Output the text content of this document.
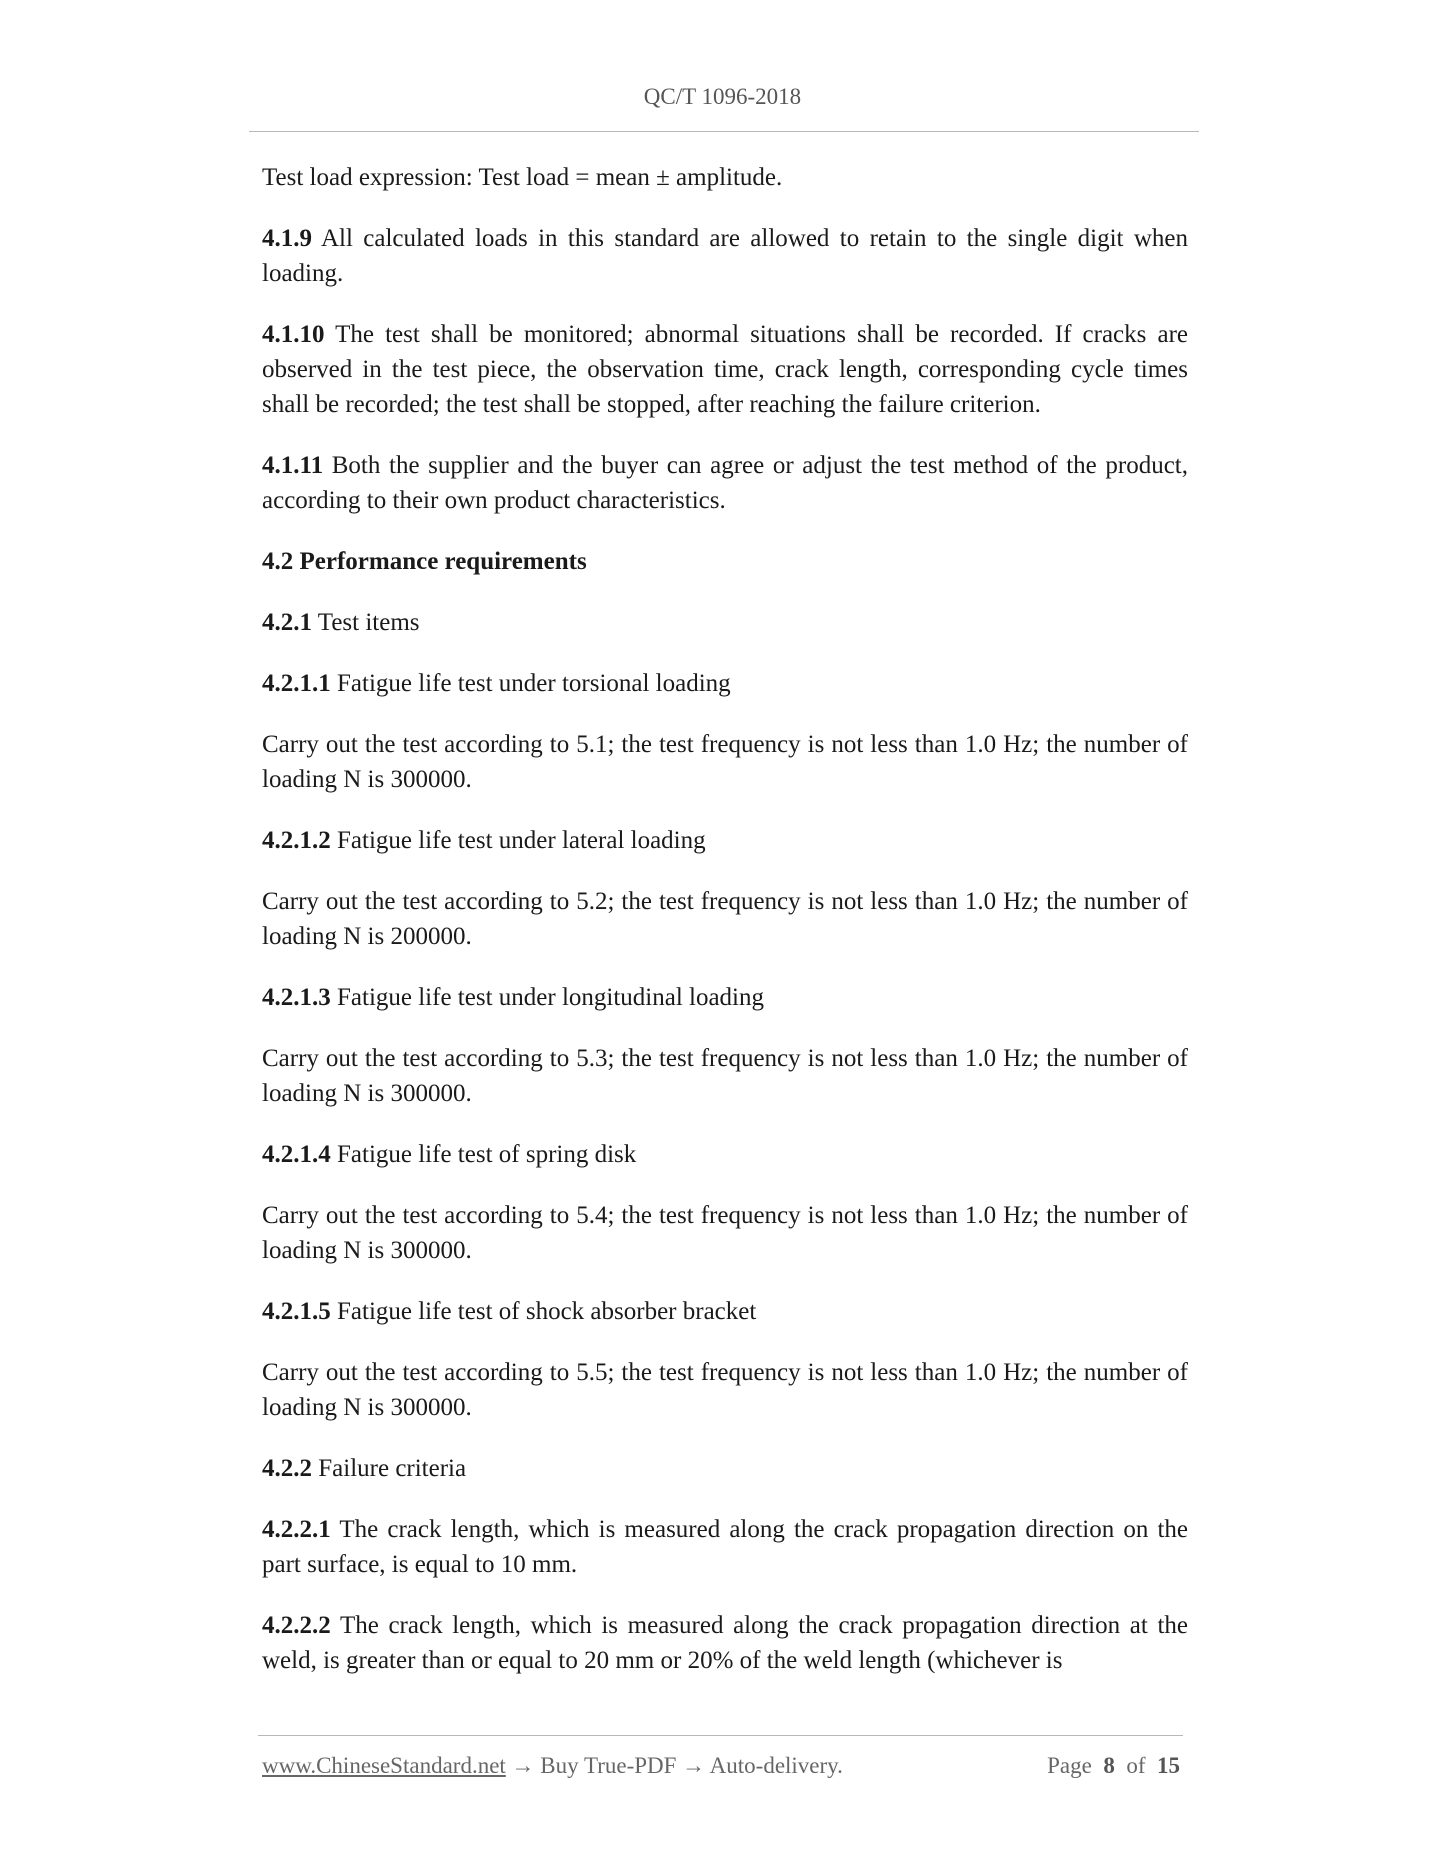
QC/T 1096-2018

Test load expression: Test load = mean ± amplitude.

4.1.9 All calculated loads in this standard are allowed to retain to the single digit when loading.

4.1.10 The test shall be monitored; abnormal situations shall be recorded. If cracks are observed in the test piece, the observation time, crack length, corresponding cycle times shall be recorded; the test shall be stopped, after reaching the failure criterion.

4.1.11 Both the supplier and the buyer can agree or adjust the test method of the product, according to their own product characteristics.

4.2 Performance requirements

4.2.1 Test items

4.2.1.1 Fatigue life test under torsional loading

Carry out the test according to 5.1; the test frequency is not less than 1.0 Hz; the number of loading N is 300000.

4.2.1.2 Fatigue life test under lateral loading

Carry out the test according to 5.2; the test frequency is not less than 1.0 Hz; the number of loading N is 200000.

4.2.1.3 Fatigue life test under longitudinal loading

Carry out the test according to 5.3; the test frequency is not less than 1.0 Hz; the number of loading N is 300000.

4.2.1.4 Fatigue life test of spring disk

Carry out the test according to 5.4; the test frequency is not less than 1.0 Hz; the number of loading N is 300000.

4.2.1.5 Fatigue life test of shock absorber bracket

Carry out the test according to 5.5; the test frequency is not less than 1.0 Hz; the number of loading N is 300000.

4.2.2 Failure criteria

4.2.2.1 The crack length, which is measured along the crack propagation direction on the part surface, is equal to 10 mm.

4.2.2.2 The crack length, which is measured along the crack propagation direction at the weld, is greater than or equal to 20 mm or 20% of the weld length (whichever is

www.ChineseStandard.net → Buy True-PDF → Auto-delivery.	Page 8 of 15
